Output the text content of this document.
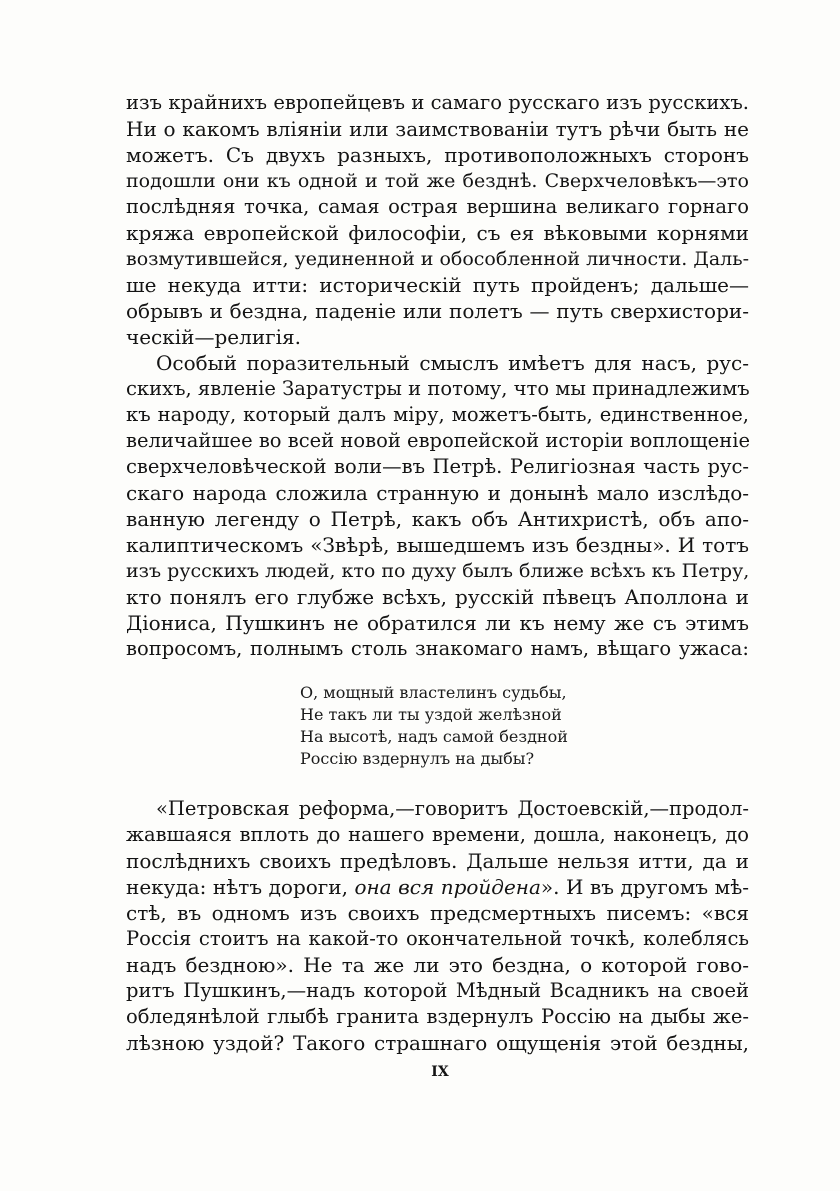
изъ крайнихъ европейцевъ и самаго русскаго изъ русскихъ.
Ни о какомъ вліяніи или заимствованіи тутъ рѣчи быть не
можетъ. Съ двухъ разныхъ, противоположныхъ сторонъ
подошли они къ одной и той же безднѣ. Сверхчеловѣкъ—это
послѣдняя точка, самая острая вершина великаго горнаго
кряжа европейской философіи, съ ея вѣковыми корнями
возмутившейся, уединенной и обособленной личности. Даль-
ше некуда итти: историческій путь пройденъ; дальше—
обрывъ и бездна, паденіе или полетъ — путь сверхистори-
ческій—религія.
Особый поразительный смыслъ имѣетъ для насъ, рус-
скихъ, явленіе Заратустры и потому, что мы принадлежимъ
къ народу, который далъ міру, можетъ-быть, единственное,
величайшее во всей новой европейской исторіи воплощеніе
сверхчеловѣческой воли—въ Петрѣ. Религіозная часть рус-
скаго народа сложила странную и донынѣ мало изслѣдо-
ванную легенду о Петрѣ, какъ объ Антихристѣ, объ апо-
калиптическомъ «Звѣрѣ, вышедшемъ изъ бездны». И тотъ
изъ русскихъ людей, кто по духу былъ ближе всѣхъ къ Петру,
кто понялъ его глубже всѣхъ, русскій пѣвецъ Аполлона и
Діониса, Пушкинъ не обратился ли къ нему же съ этимъ
вопросомъ, полнымъ столь знакомаго намъ, вѣщаго ужаса:
О, мощный властелинъ судьбы,
Не такъ ли ты уздой желѣзной
На высотѣ, надъ самой бездной
Россію вздернулъ на дыбы?
«Петровская реформа,—говоритъ Достоевскій,—продол-
жавшаяся вплоть до нашего времени, дошла, наконецъ, до
послѣднихъ своихъ предѣловъ. Дальше нельзя итти, да и
некуда: нѣтъ дороги, она вся пройдена». И въ другомъ мѣ-
стѣ, въ одномъ изъ своихъ предсмертныхъ писемъ: «вся
Россія стоитъ на какой-то окончательной точкѣ, колеблясь
надъ бездною». Не та же ли это бездна, о которой гово-
ритъ Пушкинъ,—надъ которой Мѣдный Всадникъ на своей
обледянѣлой глыбѣ гранита вздернулъ Россію на дыбы же-
лѣзною уздой? Такого страшнаго ощущенія этой бездны,
IX
